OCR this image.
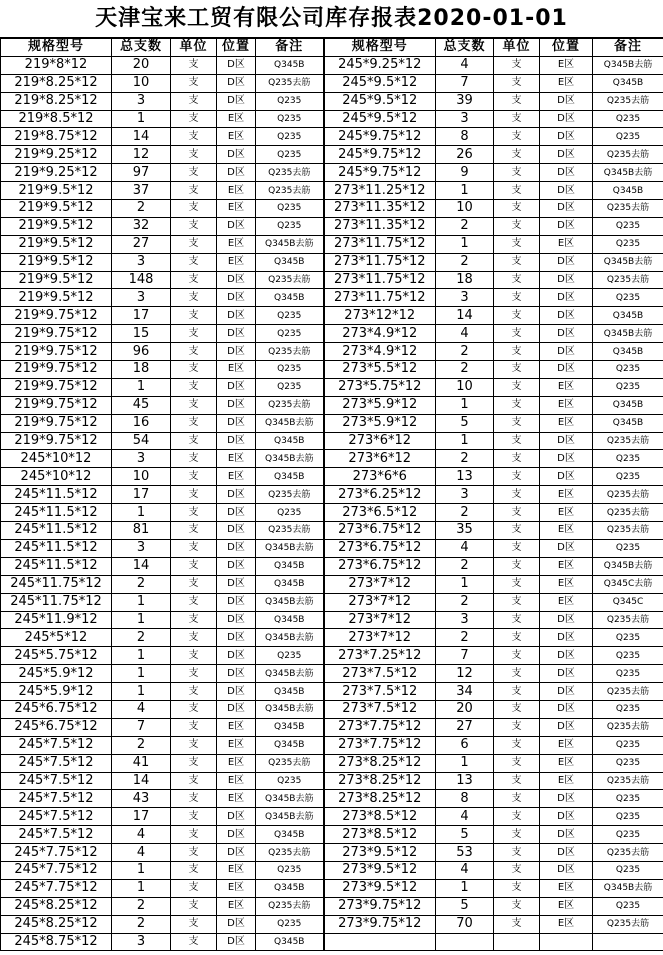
天津宝来工贸有限公司库存报表2020-01-01
规格型号	总支数	单位	位置	备注	规格型号	总支数	单位	位置	备注
219*8*12	20	支	D区	Q345B	245*9.25*12	4	支	E区	Q345B去筋
219*8.25*12	10	支	D区	Q235去筋	245*9.5*12	7	支	E区	Q345B
219*8.25*12	3	支	D区	Q235	245*9.5*12	39	支	D区	Q235去筋
219*8.5*12	1	支	E区	Q235	245*9.5*12	3	支	D区	Q235
219*8.75*12	14	支	E区	Q235	245*9.75*12	8	支	D区	Q235
219*9.25*12	12	支	D区	Q235	245*9.75*12	26	支	D区	Q235去筋
219*9.25*12	97	支	D区	Q235去筋	245*9.75*12	9	支	D区	Q345B去筋
219*9.5*12	37	支	E区	Q235去筋	273*11.25*12	1	支	D区	Q345B
219*9.5*12	2	支	E区	Q235	273*11.35*12	10	支	D区	Q235去筋
219*9.5*12	32	支	D区	Q235	273*11.35*12	2	支	D区	Q235
219*9.5*12	27	支	E区	Q345B去筋	273*11.75*12	1	支	E区	Q235
219*9.5*12	3	支	E区	Q345B	273*11.75*12	2	支	D区	Q345B去筋
219*9.5*12	148	支	D区	Q235去筋	273*11.75*12	18	支	D区	Q235去筋
219*9.5*12	3	支	D区	Q345B	273*11.75*12	3	支	D区	Q235
219*9.75*12	17	支	D区	Q235	273*12*12	14	支	D区	Q345B
219*9.75*12	15	支	D区	Q235	273*4.9*12	4	支	D区	Q345B去筋
219*9.75*12	96	支	D区	Q235去筋	273*4.9*12	2	支	D区	Q345B
219*9.75*12	18	支	E区	Q235	273*5.5*12	2	支	D区	Q235
219*9.75*12	1	支	D区	Q235	273*5.75*12	10	支	E区	Q235
219*9.75*12	45	支	D区	Q235去筋	273*5.9*12	1	支	E区	Q345B
219*9.75*12	16	支	D区	Q345B去筋	273*5.9*12	5	支	E区	Q345B
219*9.75*12	54	支	D区	Q345B	273*6*12	1	支	D区	Q235去筋
245*10*12	3	支	E区	Q345B去筋	273*6*12	2	支	D区	Q235
245*10*12	10	支	E区	Q345B	273*6*6	13	支	D区	Q235
245*11.5*12	17	支	D区	Q235去筋	273*6.25*12	3	支	E区	Q235去筋
245*11.5*12	1	支	D区	Q235	273*6.5*12	2	支	E区	Q235去筋
245*11.5*12	81	支	D区	Q235去筋	273*6.75*12	35	支	E区	Q235去筋
245*11.5*12	3	支	D区	Q345B去筋	273*6.75*12	4	支	D区	Q235
245*11.5*12	14	支	D区	Q345B	273*6.75*12	2	支	E区	Q345B去筋
245*11.75*12	2	支	D区	Q345B	273*7*12	1	支	E区	Q345C去筋
245*11.75*12	1	支	D区	Q345B去筋	273*7*12	2	支	E区	Q345C
245*11.9*12	1	支	D区	Q345B	273*7*12	3	支	D区	Q235去筋
245*5*12	2	支	D区	Q345B去筋	273*7*12	2	支	D区	Q235
245*5.75*12	1	支	D区	Q235	273*7.25*12	7	支	D区	Q235
245*5.9*12	1	支	D区	Q345B去筋	273*7.5*12	12	支	D区	Q235
245*5.9*12	1	支	D区	Q345B	273*7.5*12	34	支	D区	Q235去筋
245*6.75*12	4	支	D区	Q345B去筋	273*7.5*12	20	支	D区	Q235
245*6.75*12	7	支	E区	Q345B	273*7.75*12	27	支	D区	Q235去筋
245*7.5*12	2	支	E区	Q345B	273*7.75*12	6	支	E区	Q235
245*7.5*12	41	支	E区	Q235去筋	273*8.25*12	1	支	E区	Q235
245*7.5*12	14	支	E区	Q235	273*8.25*12	13	支	E区	Q235去筋
245*7.5*12	43	支	E区	Q345B去筋	273*8.25*12	8	支	D区	Q235
245*7.5*12	17	支	D区	Q345B去筋	273*8.5*12	4	支	D区	Q235
245*7.5*12	4	支	D区	Q345B	273*8.5*12	5	支	D区	Q235
245*7.75*12	4	支	D区	Q235去筋	273*9.5*12	53	支	D区	Q235去筋
245*7.75*12	1	支	E区	Q235	273*9.5*12	4	支	D区	Q235
245*7.75*12	1	支	E区	Q345B	273*9.5*12	1	支	E区	Q345B去筋
245*8.25*12	2	支	E区	Q235去筋	273*9.75*12	5	支	E区	Q235
245*8.25*12	2	支	D区	Q235	273*9.75*12	70	支	E区	Q235去筋
245*8.75*12	3	支	D区	Q345B					
